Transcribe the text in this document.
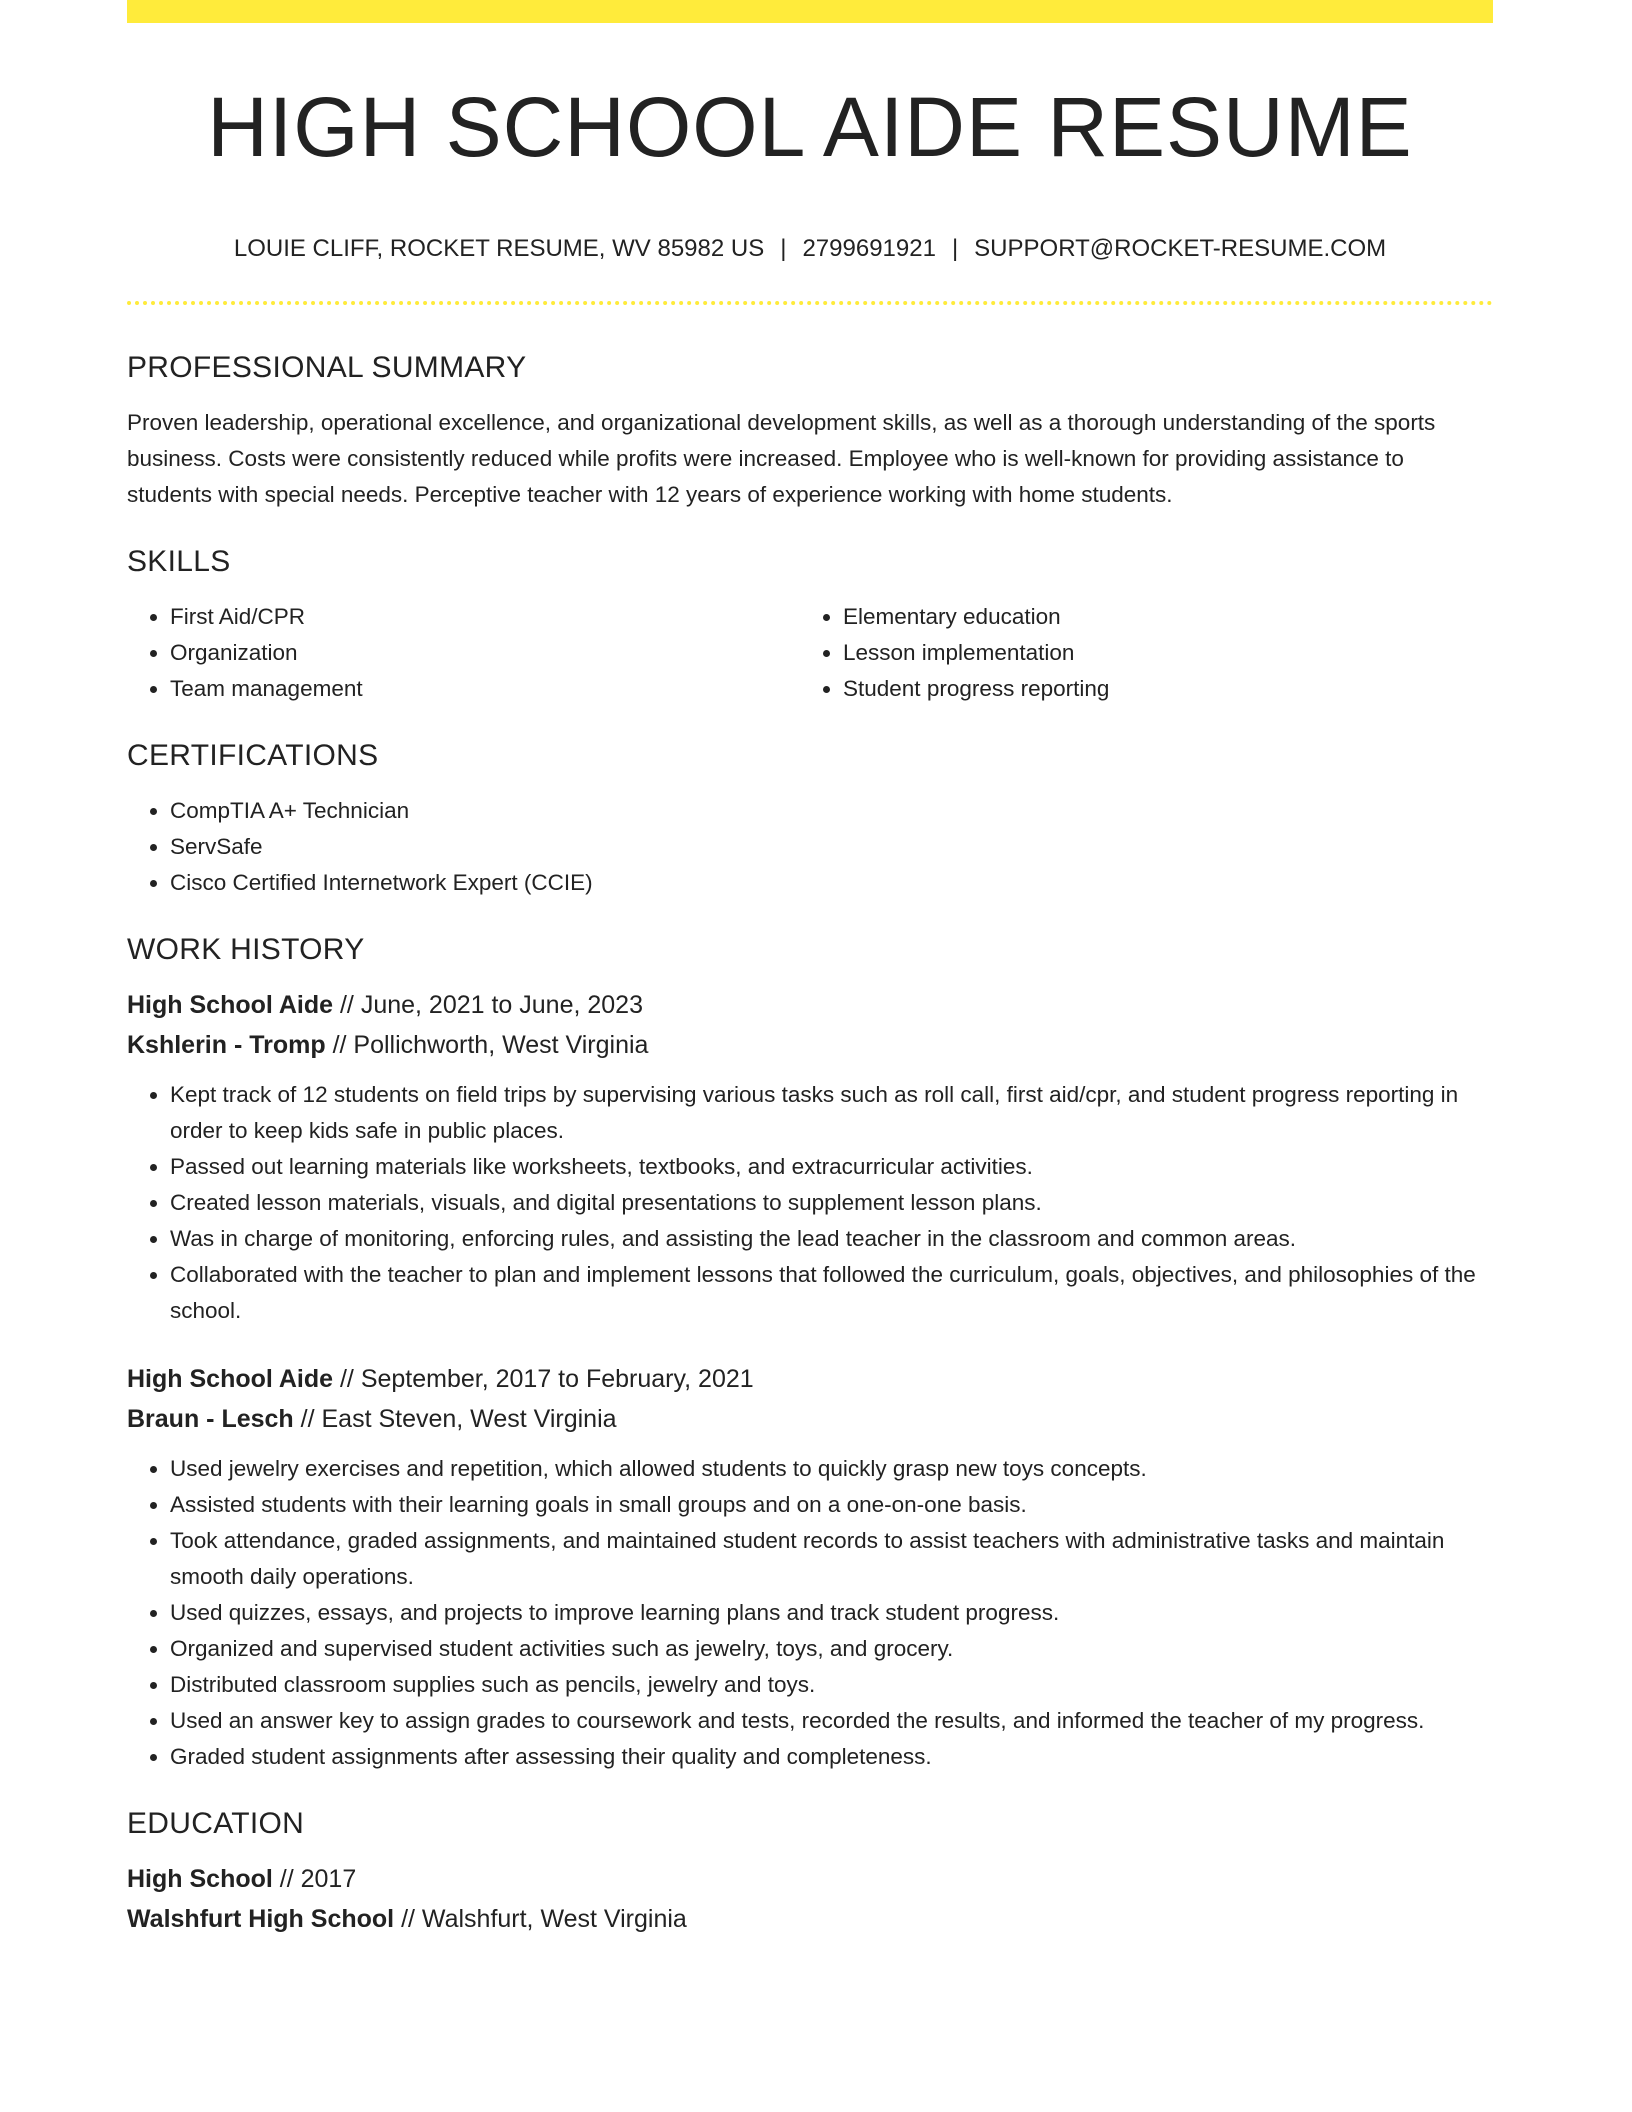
HIGH SCHOOL AIDE RESUME
LOUIE CLIFF, ROCKET RESUME, WV 85982 US | 2799691921 | SUPPORT@ROCKET-RESUME.COM
PROFESSIONAL SUMMARY

Proven leadership, operational excellence, and organizational development skills, as well as a thorough understanding of the sports business. Costs were consistently reduced while profits were increased. Employee who is well-known for providing assistance to students with special needs. Perceptive teacher with 12 years of experience working with home students.

SKILLS
• First Aid/CPR
• Organization
• Team management
• Elementary education
• Lesson implementation
• Student progress reporting
CERTIFICATIONS
• CompTIA A+ Technician
• ServSafe
• Cisco Certified Internetwork Expert (CCIE)
WORK HISTORY

High School Aide // June, 2021 to June, 2023

Kshlerin - Tromp // Pollichworth, West Virginia

• Kept track of 12 students on field trips by supervising various tasks such as roll call, first aid/cpr, and student progress reporting in order to keep kids safe in public places.
• Passed out learning materials like worksheets, textbooks, and extracurricular activities.
• Created lesson materials, visuals, and digital presentations to supplement lesson plans.
• Was in charge of monitoring, enforcing rules, and assisting the lead teacher in the classroom and common areas.
• Collaborated with the teacher to plan and implement lessons that followed the curriculum, goals, objectives, and philosophies of the school.

High School Aide // September, 2017 to February, 2021

Braun - Lesch // East Steven, West Virginia

• Used jewelry exercises and repetition, which allowed students to quickly grasp new toys concepts.
• Assisted students with their learning goals in small groups and on a one-on-one basis.
• Took attendance, graded assignments, and maintained student records to assist teachers with administrative tasks and maintain smooth daily operations.
• Used quizzes, essays, and projects to improve learning plans and track student progress.
• Organized and supervised student activities such as jewelry, toys, and grocery.
• Distributed classroom supplies such as pencils, jewelry and toys.
• Used an answer key to assign grades to coursework and tests, recorded the results, and informed the teacher of my progress.
• Graded student assignments after assessing their quality and completeness.
EDUCATION

High School // 2017

Walshfurt High School // Walshfurt, West Virginia
